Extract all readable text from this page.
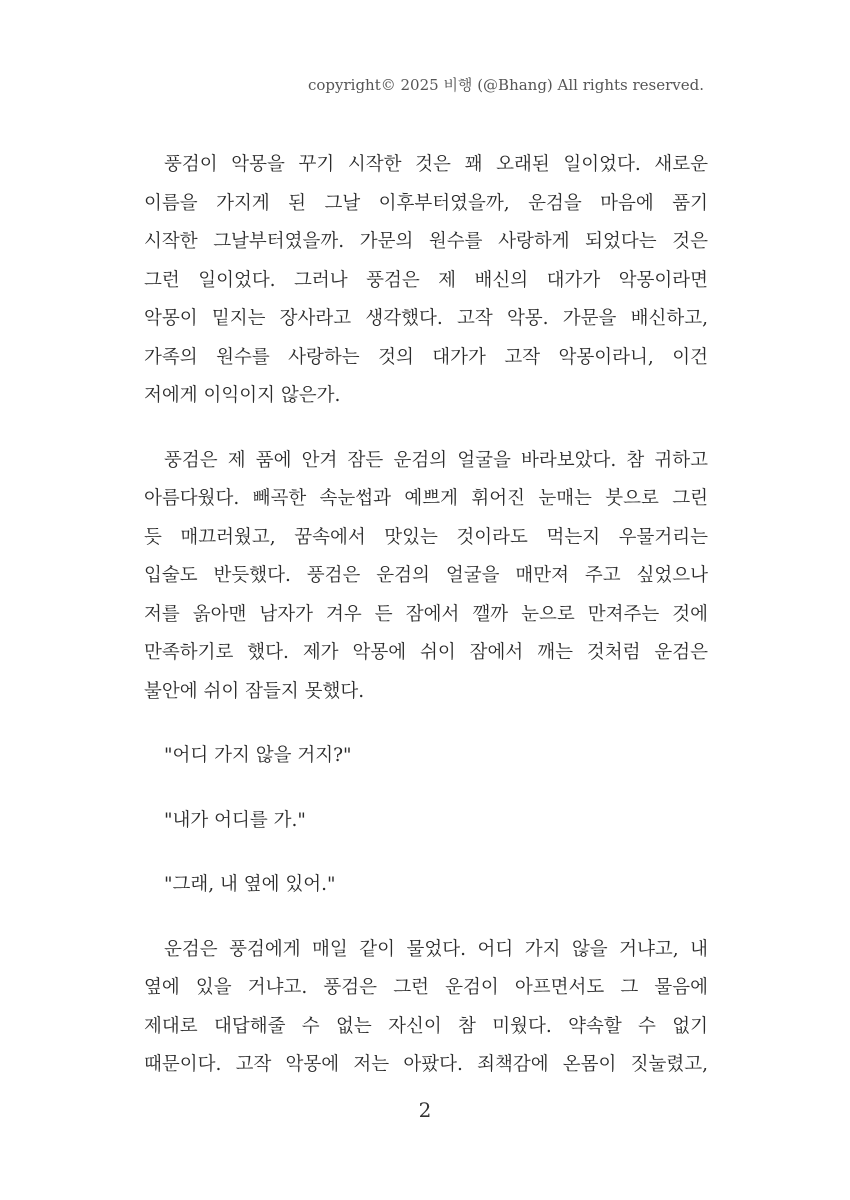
copyright© 2025 비행 (@Bhang) All rights reserved.
풍검이 악몽을 꾸기 시작한 것은 꽤 오래된 일이었다. 새로운
이름을 가지게 된 그날 이후부터였을까, 운검을 마음에 품기
시작한 그날부터였을까. 가문의 원수를 사랑하게 되었다는 것은
그런 일이었다. 그러나 풍검은 제 배신의 대가가 악몽이라면
악몽이 밑지는 장사라고 생각했다. 고작 악몽. 가문을 배신하고,
가족의 원수를 사랑하는 것의 대가가 고작 악몽이라니, 이건
저에게 이익이지 않은가.
풍검은 제 품에 안겨 잠든 운검의 얼굴을 바라보았다. 참 귀하고
아름다웠다. 빼곡한 속눈썹과 예쁘게 휘어진 눈매는 붓으로 그린
듯 매끄러웠고, 꿈속에서 맛있는 것이라도 먹는지 우물거리는
입술도 반듯했다. 풍검은 운검의 얼굴을 매만져 주고 싶었으나
저를 옭아맨 남자가 겨우 든 잠에서 깰까 눈으로 만져주는 것에
만족하기로 했다. 제가 악몽에 쉬이 잠에서 깨는 것처럼 운검은
불안에 쉬이 잠들지 못했다.
"어디 가지 않을 거지?"
"내가 어디를 가."
"그래, 내 옆에 있어."
운검은 풍검에게 매일 같이 물었다. 어디 가지 않을 거냐고, 내
옆에 있을 거냐고. 풍검은 그런 운검이 아프면서도 그 물음에
제대로 대답해줄 수 없는 자신이 참 미웠다. 약속할 수 없기
때문이다. 고작 악몽에 저는 아팠다. 죄책감에 온몸이 짓눌렸고,
2
